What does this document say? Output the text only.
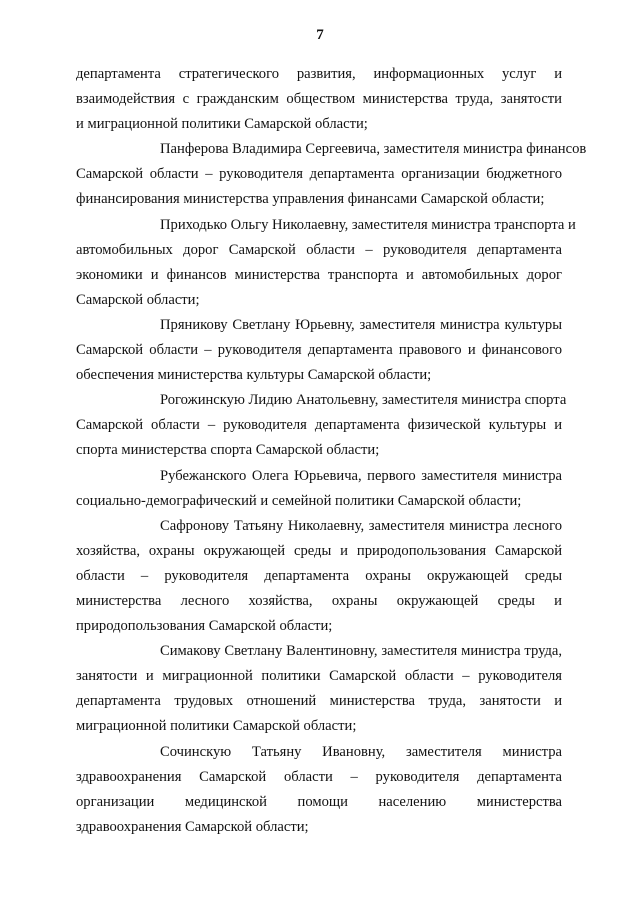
7
департамента стратегического развития, информационных услуг и
взаимодействия с гражданским обществом министерства труда, занятости
и миграционной политики Самарской области;
Панферова Владимира Сергеевича, заместителя министра финансов
Самарской области – руководителя департамента организации бюджетного
финансирования министерства управления финансами Самарской области;
Приходько Ольгу Николаевну, заместителя министра транспорта и
автомобильных дорог Самарской области – руководителя департамента
экономики и финансов министерства транспорта и автомобильных дорог
Самарской области;
Пряникову Светлану Юрьевну, заместителя министра культуры
Самарской области – руководителя департамента правового и финансового
обеспечения министерства культуры Самарской области;
Рогожинскую Лидию Анатольевну, заместителя министра спорта
Самарской области – руководителя департамента физической культуры и
спорта министерства спорта Самарской области;
Рубежанского Олега Юрьевича, первого заместителя министра
социально-демографический и семейной политики Самарской области;
Сафронову Татьяну Николаевну, заместителя министра лесного
хозяйства, охраны окружающей среды и природопользования Самарской
области – руководителя департамента охраны окружающей среды
министерства лесного хозяйства, охраны окружающей среды и
природопользования Самарской области;
Симакову Светлану Валентиновну, заместителя министра труда,
занятости и миграционной политики Самарской области – руководителя
департамента трудовых отношений министерства труда, занятости и
миграционной политики Самарской области;
Сочинскую Татьяну Ивановну, заместителя министра
здравоохранения Самарской области – руководителя департамента
организации медицинской помощи населению министерства
здравоохранения Самарской области;
